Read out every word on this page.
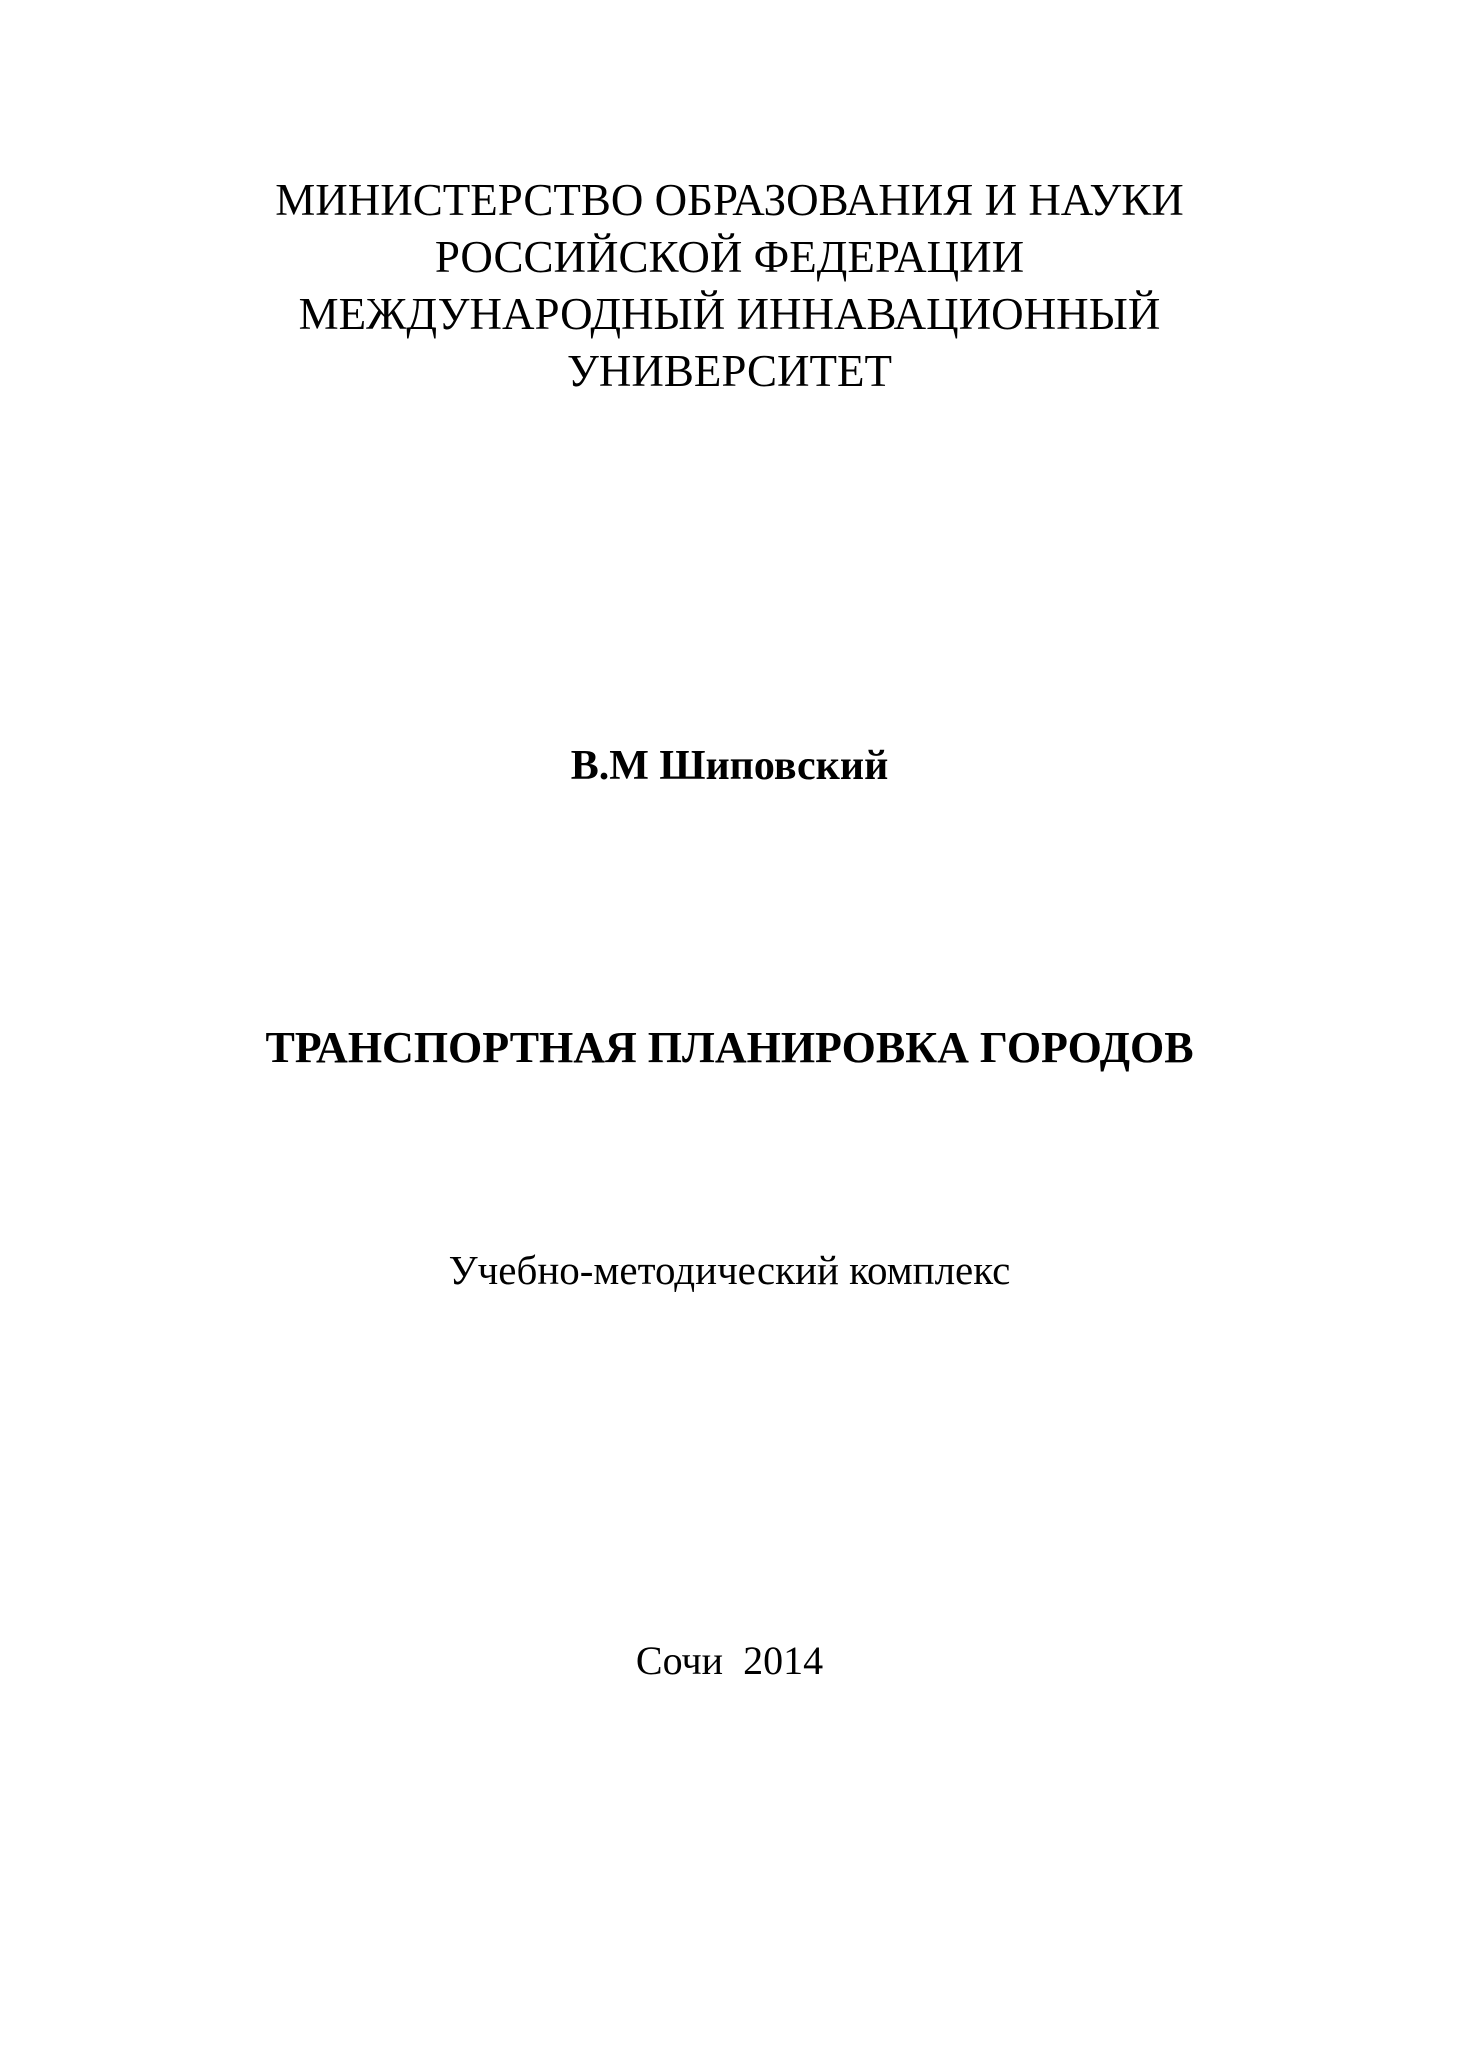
МИНИСТЕРСТВО ОБРАЗОВАНИЯ И НАУКИ
РОССИЙСКОЙ ФЕДЕРАЦИИ
МЕЖДУНАРОДНЫЙ ИННАВАЦИОННЫЙ
УНИВЕРСИТЕТ
В.М Шиповский
ТРАНСПОРТНАЯ ПЛАНИРОВКА ГОРОДОВ
Учебно-методический комплекс
Сочи 2014
